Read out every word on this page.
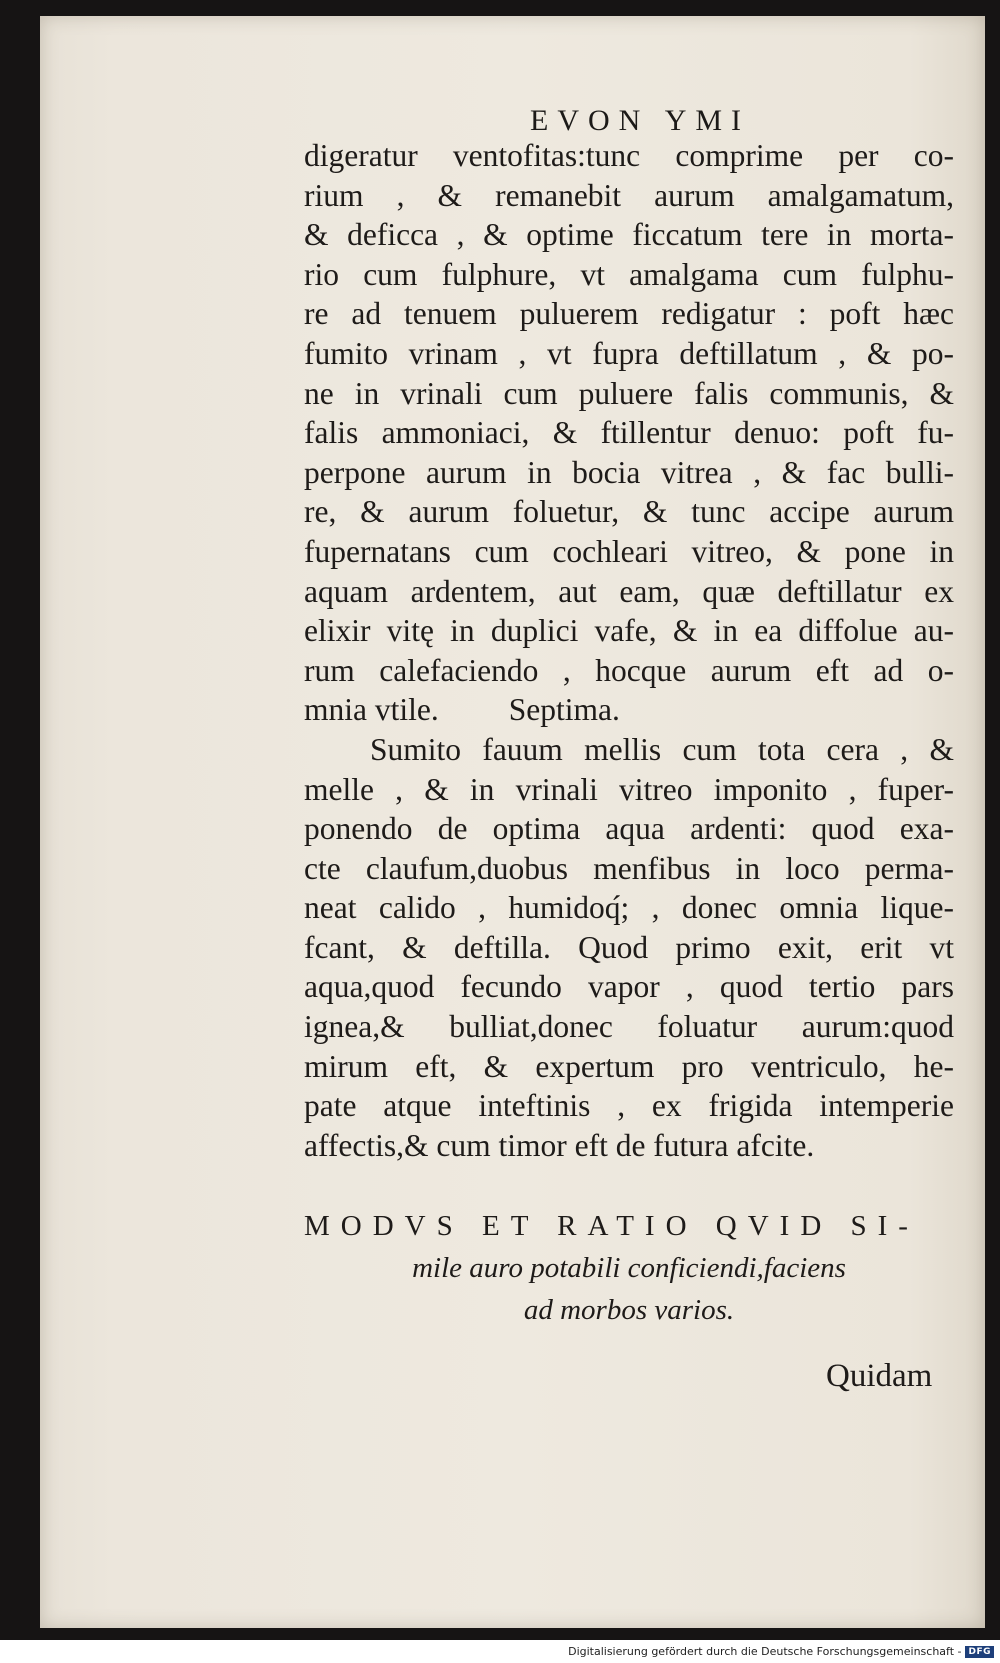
EVON YMI
digeratur ventofitas:tunc comprime per co-
rium , & remanebit aurum amalgamatum,
& deficca , & optime ficcatum tere in morta-
rio cum fulphure, vt amalgama cum fulphu-
re ad tenuem puluerem redigatur : poft hæc
fumito vrinam , vt fupra deftillatum , & po-
ne in vrinali cum puluere falis communis, &
falis ammoniaci, & ftillentur denuo: poft fu-
perpone aurum in bocia vitrea , & fac bulli-
re, & aurum foluetur, & tunc accipe aurum
fupernatans cum cochleari vitreo, & pone in
aquam ardentem, aut eam, quæ deftillatur ex
elixir vitę in duplici vafe, & in ea diffolue au-
rum calefaciendo , hocque aurum eft ad o-
mnia vtile. Septima.
Sumito fauum mellis cum tota cera , &
melle , & in vrinali vitreo imponito , fuper-
ponendo de optima aqua ardenti: quod exa-
cte claufum,duobus menfibus in loco perma-
neat calido , humidoq́; , donec omnia lique-
fcant, & deftilla. Quod primo exit, erit vt
aqua,quod fecundo vapor , quod tertio pars
ignea,& bulliat,donec foluatur aurum:quod
mirum eft, & expertum pro ventriculo, he-
pate atque inteftinis , ex frigida intemperie
affectis,& cum timor eft de futura afcite.
MODVS ET RATIO QVID SI-
mile auro potabili conficiendi,faciens
ad morbos varios.
Quidam
Digitalisierung gefördert durch die Deutsche Forschungsgemeinschaft - DFG
